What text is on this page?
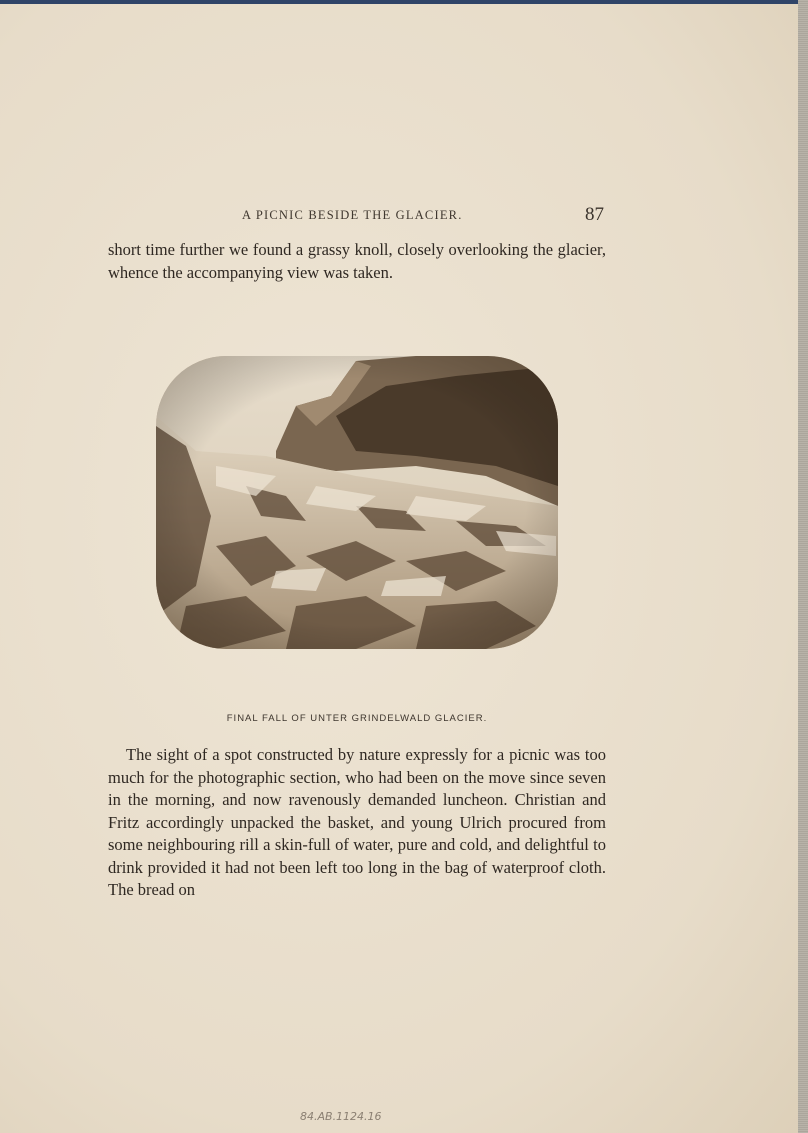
A PICNIC BESIDE THE GLACIER.	87
short time further we found a grassy knoll, closely overlooking the glacier, whence the accompanying view was taken.
FINAL FALL OF UNTER GRINDELWALD GLACIER.
The sight of a spot constructed by nature expressly for a picnic was too much for the photographic section, who had been on the move since seven in the morning, and now ravenously demanded luncheon. Christian and Fritz accordingly unpacked the basket, and young Ulrich procured from some neighbouring rill a skin-full of water, pure and cold, and delightful to drink provided it had not been left too long in the bag of waterproof cloth. The bread on
84.AB.1124.16
